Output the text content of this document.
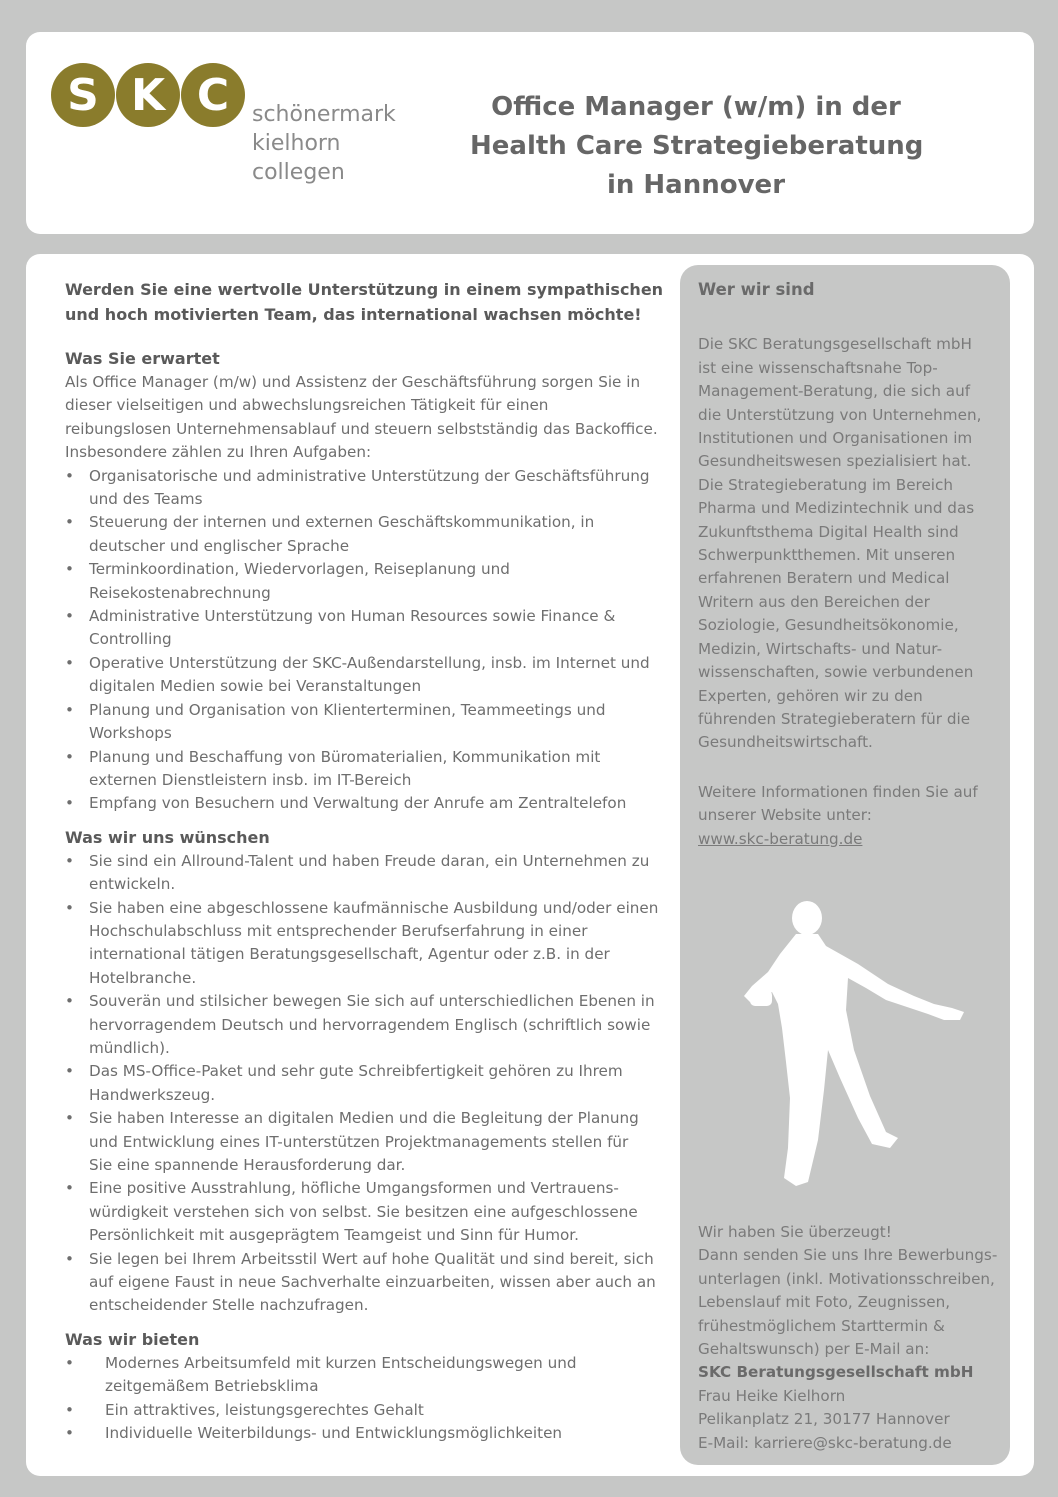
S K C schönermark
kielhorn
collegen
Office Manager (w/m) in der
Health Care Strategieberatung
in Hannover
Werden Sie eine wertvolle Unterstützung in einem sympathischen
und hoch motivierten Team, das international wachsen möchte!
Was Sie erwartet

Als Office Manager (m/w) und Assistenz der Geschäftsführung sorgen Sie in
dieser vielseitigen und abwechslungsreichen Tätigkeit für einen
reibungslosen Unternehmensablauf und steuern selbstständig das Backoffice.
Insbesondere zählen zu Ihren Aufgaben:

• Organisatorische und administrative Unterstützung der Geschäftsführung
und des Teams
• Steuerung der internen und externen Geschäftskommunikation, in
deutscher und englischer Sprache
• Terminkoordination, Wiedervorlagen, Reiseplanung und
Reisekostenabrechnung
• Administrative Unterstützung von Human Resources sowie Finance &
Controlling
• Operative Unterstützung der SKC-Außendarstellung, insb. im Internet und
digitalen Medien sowie bei Veranstaltungen
• Planung und Organisation von Klienterterminen, Teammeetings und
Workshops
• Planung und Beschaffung von Büromaterialien, Kommunikation mit
externen Dienstleistern insb. im IT-Bereich
• Empfang von Besuchern und Verwaltung der Anrufe am Zentraltelefon
Was wir uns wünschen
• Sie sind ein Allround-Talent und haben Freude daran, ein Unternehmen zu
entwickeln.
• Sie haben eine abgeschlossene kaufmännische Ausbildung und/oder einen
Hochschulabschluss mit entsprechender Berufserfahrung in einer
international tätigen Beratungsgesellschaft, Agentur oder z.B. in der
Hotelbranche.
• Souverän und stilsicher bewegen Sie sich auf unterschiedlichen Ebenen in
hervorragendem Deutsch und hervorragendem Englisch (schriftlich sowie
mündlich).
• Das MS-Office-Paket und sehr gute Schreibfertigkeit gehören zu Ihrem
Handwerkszeug.
• Sie haben Interesse an digitalen Medien und die Begleitung der Planung
und Entwicklung eines IT-unterstützen Projektmanagements stellen für
Sie eine spannende Herausforderung dar.
• Eine positive Ausstrahlung, höfliche Umgangsformen und Vertrauens-
würdigkeit verstehen sich von selbst. Sie besitzen eine aufgeschlossene
Persönlichkeit mit ausgeprägtem Teamgeist und Sinn für Humor.
• Sie legen bei Ihrem Arbeitsstil Wert auf hohe Qualität und sind bereit, sich
auf eigene Faust in neue Sachverhalte einzuarbeiten, wissen aber auch an
entscheidender Stelle nachzufragen.
Was wir bieten
• Modernes Arbeitsumfeld mit kurzen Entscheidungswegen und
zeitgemäßem Betriebsklima
• Ein attraktives, leistungsgerechtes Gehalt
• Individuelle Weiterbildungs- und Entwicklungsmöglichkeiten
Wer wir sind

Die SKC Beratungsgesellschaft mbH
ist eine wissenschaftsnahe Top-
Management-Beratung, die sich auf
die Unterstützung von Unternehmen,
Institutionen und Organisationen im
Gesundheitswesen spezialisiert hat.
Die Strategieberatung im Bereich
Pharma und Medizintechnik und das
Zukunftsthema Digital Health sind
Schwerpunktthemen. Mit unseren
erfahrenen Beratern und Medical
Writern aus den Bereichen der
Soziologie, Gesundheitsökonomie,
Medizin, Wirtschafts- und Natur-
wissenschaften, sowie verbundenen
Experten, gehören wir zu den
führenden Strategieberatern für die
Gesundheitswirtschaft.

Weitere Informationen finden Sie auf
unserer Website unter:

www.skc-beratung.de

Wir haben Sie überzeugt!
Dann senden Sie uns Ihre Bewerbungs-
unterlagen (inkl. Motivationsschreiben,
Lebenslauf mit Foto, Zeugnissen,
frühestmöglichem Starttermin &
Gehaltswunsch) per E-Mail an:

SKC Beratungsgesellschaft mbH

Frau Heike Kielhorn
Pelikanplatz 21, 30177 Hannover
E-Mail: karriere@skc-beratung.de
